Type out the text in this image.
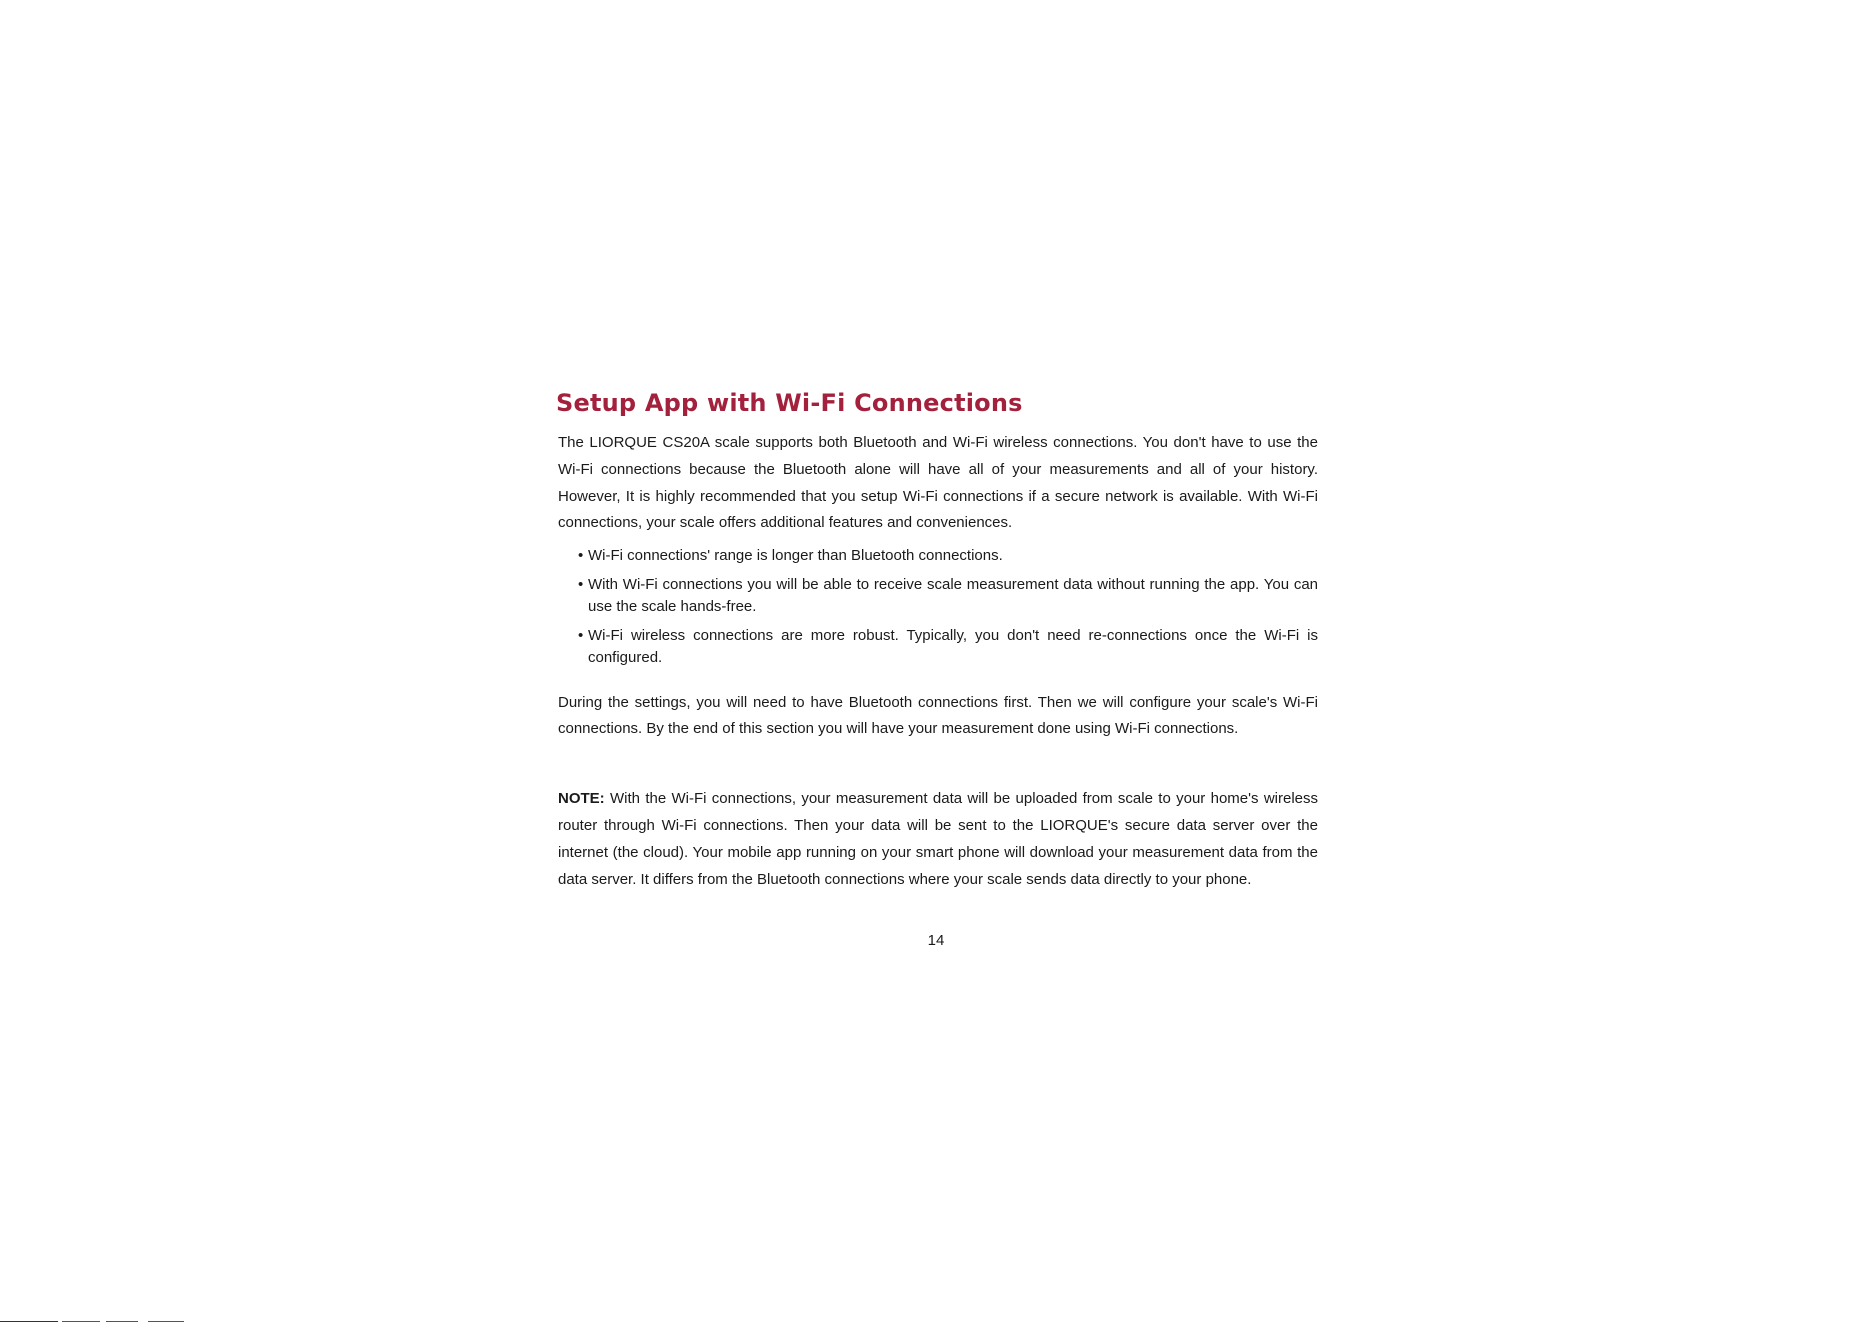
Setup App with Wi-Fi Connections

The LIORQUE CS20A scale supports both Bluetooth and Wi-Fi wireless connections. You don't have to use the Wi-Fi connections because the Bluetooth alone will have all of your measurements and all of your history. However, It is highly recommended that you setup Wi-Fi connections if a secure network is available. With Wi-Fi connections, your scale offers additional features and conveniences.

• Wi-Fi connections' range is longer than Bluetooth connections.
• With Wi-Fi connections you will be able to receive scale measurement data without running the app. You can use the scale hands-free.
• Wi-Fi wireless connections are more robust. Typically, you don't need re-connections once the Wi-Fi is configured.

During the settings, you will need to have Bluetooth connections first. Then we will configure your scale's Wi-Fi connections. By the end of this section you will have your measurement done using Wi-Fi connections.

NOTE: With the Wi-Fi connections, your measurement data will be uploaded from scale to your home's wireless router through Wi-Fi connections. Then your data will be sent to the LIORQUE's secure data server over the internet (the cloud). Your mobile app running on your smart phone will download your measurement data from the data server. It differs from the Bluetooth connections where your scale sends data directly to your phone.

14
